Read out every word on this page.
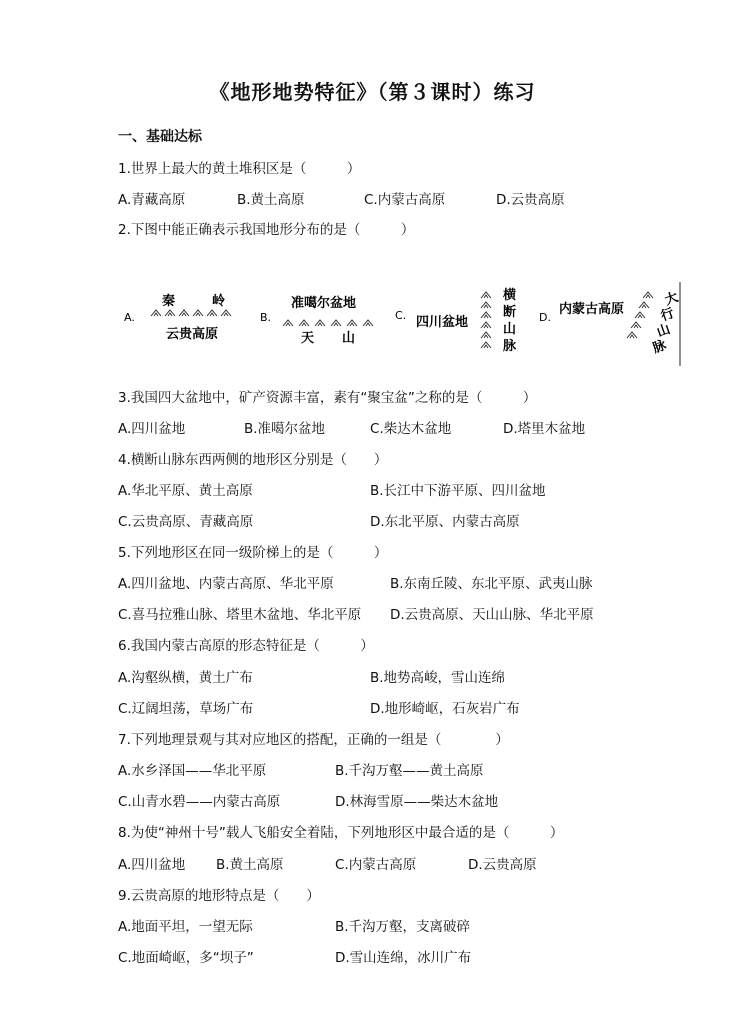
《地形地势特征》（第３课时）练习
一、基础达标
1.世界上最大的黄土堆积区是（　　　）
A.青藏高原	B.黄土高原	C.内蒙古高原	D.云贵高原
2.下图中能正确表示我国地形分布的是（　　　）
A.
秦	岭
云贵高原
B.
准噶尔盆地
天 山
C. 四川盆地
横
断
山
脉
D.
内蒙古高原
大
行
山
脉
3.我国四大盆地中，矿产资源丰富，素有“聚宝盆”之称的是（　　　）
A.四川盆地	B.准噶尔盆地	C.柴达木盆地	D.塔里木盆地
4.横断山脉东西两侧的地形区分别是（　　）
A.华北平原、黄土高原	B.长江中下游平原、四川盆地
C.云贵高原、青藏高原	D.东北平原、内蒙古高原
5.下列地形区在同一级阶梯上的是（　　　）
A.四川盆地、内蒙古高原、华北平原	B.东南丘陵、东北平原、武夷山脉
C.喜马拉雅山脉、塔里木盆地、华北平原 D.云贵高原、天山山脉、华北平原
6.我国内蒙古高原的形态特征是（　　　）
A.沟壑纵横，黄土广布	B.地势高峻，雪山连绵
C.辽阔坦荡，草场广布	D.地形崎岖，石灰岩广布
7.下列地理景观与其对应地区的搭配，正确的一组是（　　　　）
A.水乡泽国——华北平原	B.千沟万壑——黄土高原
C.山青水碧——内蒙古高原	D.林海雪原——柴达木盆地
8.为使“神州十号”载人飞船安全着陆，下列地形区中最合适的是（　　　）
A.四川盆地 B.黄土高原	C.内蒙古高原	D.云贵高原
9.云贵高原的地形特点是（　　）
A.地面平坦，一望无际	B.千沟万壑，支离破碎
C.地面崎岖，多“坝子”	D.雪山连绵，冰川广布
